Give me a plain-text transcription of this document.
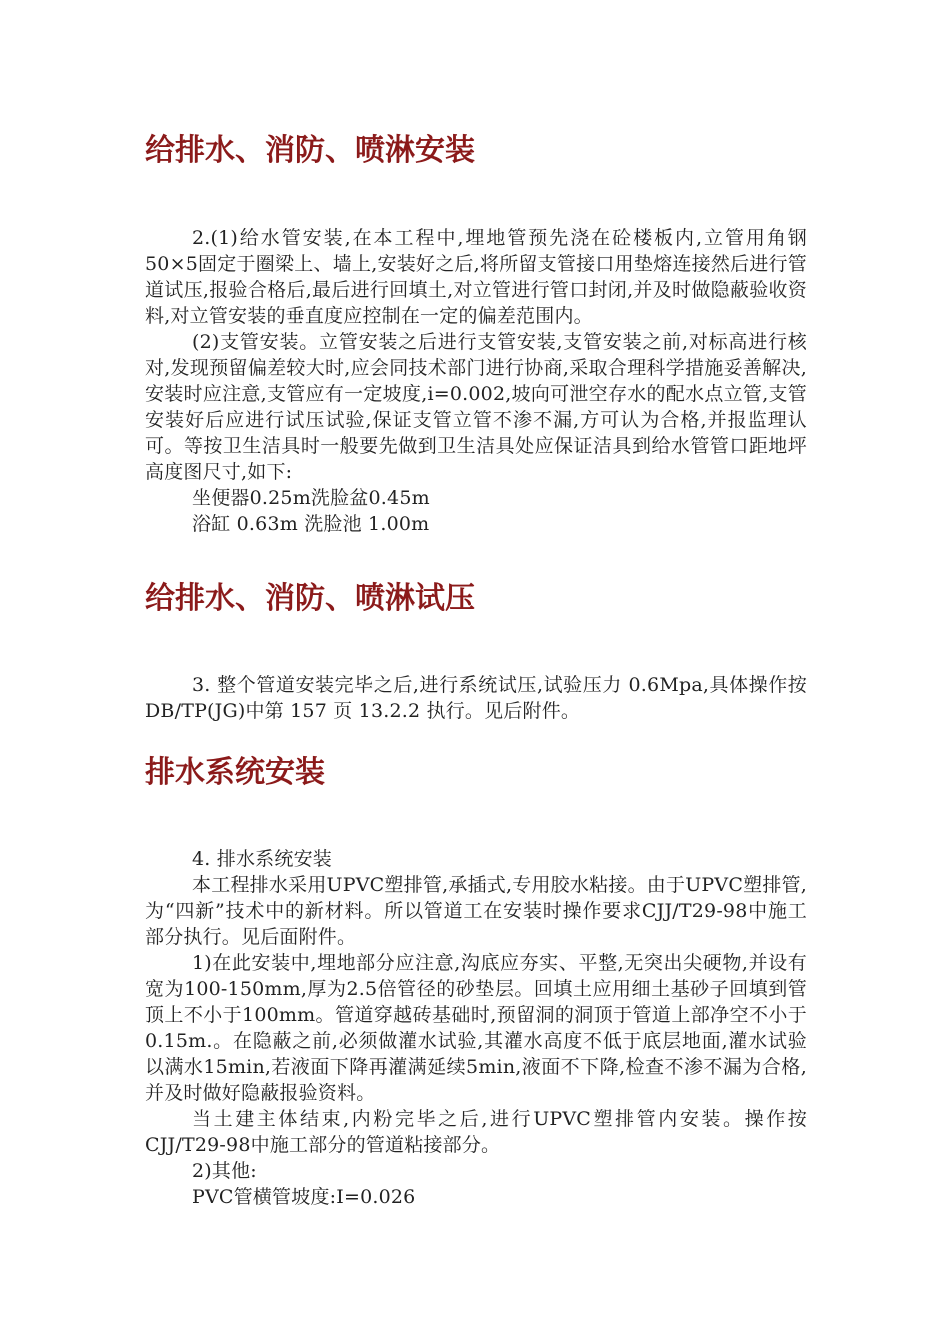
给排水、消防、喷淋安装

2.(1)给水管安装,在本工程中,埋地管预先浇在砼楼板内,立管用角钢50×5固定于圈梁上、墙上,安装好之后,将所留支管接口用垫熔连接然后进行管道试压,报验合格后,最后进行回填土,对立管进行管口封闭,并及时做隐蔽验收资料,对立管安装的垂直度应控制在一定的偏差范围内。

(2)支管安装。立管安装之后进行支管安装,支管安装之前,对标高进行核对,发现预留偏差较大时,应会同技术部门进行协商,采取合理科学措施妥善解决,安装时应注意,支管应有一定坡度,i=0.002,坡向可泄空存水的配水点立管,支管安装好后应进行试压试验,保证支管立管不渗不漏,方可认为合格,并报监理认可。等按卫生洁具时一般要先做到卫生洁具处应保证洁具到给水管管口距地坪高度图尺寸,如下:

坐便器0.25m洗脸盆0.45m

浴缸 0.63m 洗脸池 1.00m

给排水、消防、喷淋试压

3. 整个管道安装完毕之后,进行系统试压,试验压力 0.6Mpa,具体操作按 DB/TP(JG)中第 157 页 13.2.2 执行。见后附件。

排水系统安装

4. 排水系统安装

本工程排水采用UPVC塑排管,承插式,专用胶水粘接。由于UPVC塑排管,为“四新”技术中的新材料。所以管道工在安装时操作要求CJJ/T29-98中施工部分执行。见后面附件。

1)在此安装中,埋地部分应注意,沟底应夯实、平整,无突出尖硬物,并设有宽为100-150mm,厚为2.5倍管径的砂垫层。回填土应用细土基砂子回填到管顶上不小于100mm。管道穿越砖基础时,预留洞的洞顶于管道上部净空不小于0.15m.。在隐蔽之前,必须做灌水试验,其灌水高度不低于底层地面,灌水试验以满水15min,若液面下降再灌满延续5min,液面不下降,检查不渗不漏为合格,并及时做好隐蔽报验资料。

当土建主体结束,内粉完毕之后,进行UPVC塑排管内安装。操作按CJJ/T29-98中施工部分的管道粘接部分。

2)其他:

PVC管横管坡度:I=0.026
